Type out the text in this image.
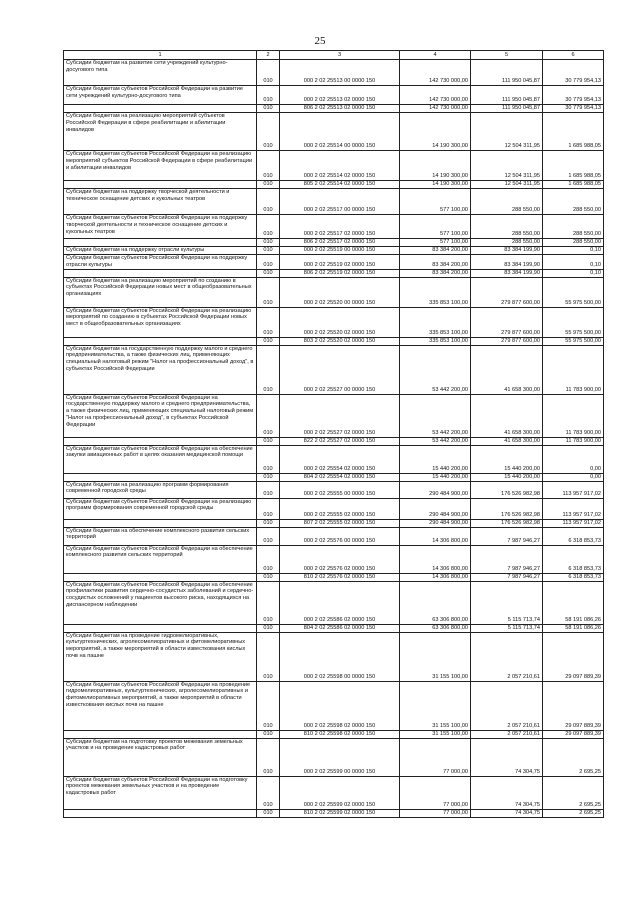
25
1	2	3	4	5	6
Субсидии бюджетам на развитие сети учреждений культурно-досугового типа	010	000 2 02 25513 00 0000 150	142 730 000,00	111 950 045,87	30 779 954,13
Субсидии бюджетам субъектов Российской Федерации на развитие сети учреждений культурно-досугового типа	010	000 2 02 25513 02 0000 150	142 730 000,00	111 950 045,87	30 779 954,13
	010	806 2 02 25513 02 0000 150	142 730 000,00	111 950 045,87	30 779 954,13
Субсидии бюджетам на реализацию мероприятий субъектов Российской Федерации в сфере реабилитации и абилитации инвалидов	010	000 2 02 25514 00 0000 150	14 190 300,00	12 504 311,95	1 685 988,05
Субсидии бюджетам субъектов Российской Федерации на реализацию мероприятий субъектов Российской Федерации в сфере реабилитации и абилитации инвалидов	010	000 2 02 25514 02 0000 150	14 190 300,00	12 504 311,95	1 685 988,05
	010	805 2 02 25514 02 0000 150	14 190 300,00	12 504 311,95	1 685 988,05
Субсидии бюджетам на поддержку творческой деятельности и техническое оснащение детских и кукольных театров	010	000 2 02 25517 00 0000 150	577 100,00	288 550,00	288 550,00
Субсидии бюджетам субъектов Российской Федерации на поддержку творческой деятельности и техническое оснащение детских и кукольных театров	010	000 2 02 25517 02 0000 150	577 100,00	288 550,00	288 550,00
	010	806 2 02 25517 02 0000 150	577 100,00	288 550,00	288 550,00
Субсидии бюджетам на поддержку отрасли культуры	010	000 2 02 25519 00 0000 150	83 384 200,00	83 384 199,90	0,10
Субсидии бюджетам субъектов Российской Федерации на поддержку отрасли культуры	010	000 2 02 25519 02 0000 150	83 384 200,00	83 384 199,90	0,10
	010	806 2 02 25519 02 0000 150	83 384 200,00	83 384 199,90	0,10
Субсидии бюджетам на реализацию мероприятий по созданию в субъектах Российской Федерации новых мест в общеобразовательных организациях	010	000 2 02 25520 00 0000 150	335 853 100,00	279 877 600,00	55 975 500,00
Субсидии бюджетам субъектов Российской Федерации на реализацию мероприятий по созданию в субъектах Российской Федерации новых мест в общеобразовательных организациях	010	000 2 02 25520 02 0000 150	335 853 100,00	279 877 600,00	55 975 500,00
	010	803 2 02 25520 02 0000 150	335 853 100,00	279 877 600,00	55 975 500,00
Субсидии бюджетам на государственную поддержку малого и среднего предпринимательства, а также физических лиц, применяющих специальный налоговый режим "Налог на профессиональный доход", в субъектах Российской Федерации	010	000 2 02 25527 00 0000 150	53 442 200,00	41 658 300,00	11 783 900,00
Субсидии бюджетам субъектов Российской Федерации на государственную поддержку малого и среднего предпринимательства, а также физических лиц, применяющих специальный налоговый режим "Налог на профессиональный доход", в субъектах Российской Федерации	010	000 2 02 25527 02 0000 150	53 442 200,00	41 658 300,00	11 783 900,00
	010	822 2 02 25527 02 0000 150	53 442 200,00	41 658 300,00	11 783 900,00
Субсидии бюджетам субъектов Российской Федерации на обеспечение закупки авиационных работ в целях оказания медицинской помощи	010	000 2 02 25554 02 0000 150	15 440 200,00	15 440 200,00	0,00
	010	804 2 02 25554 02 0000 150	15 440 200,00	15 440 200,00	0,00
Субсидии бюджетам на реализацию программ формирования современной городской среды	010	000 2 02 25555 00 0000 150	290 484 900,00	176 526 982,98	113 957 917,02
Субсидии бюджетам субъектов Российской Федерации на реализацию программ формирования современной городской среды	010	000 2 02 25555 02 0000 150	290 484 900,00	176 526 982,98	113 957 917,02
	010	807 2 02 25555 02 0000 150	290 484 900,00	176 526 982,98	113 957 917,02
Субсидии бюджетам на обеспечение комплексного развития сельских территорий	010	000 2 02 25576 00 0000 150	14 306 800,00	7 987 946,27	6 318 853,73
Субсидии бюджетам субъектов Российской Федерации на обеспечение комплексного развития сельских территорий	010	000 2 02 25576 02 0000 150	14 306 800,00	7 987 946,27	6 318 853,73
	010	810 2 02 25576 02 0000 150	14 306 800,00	7 987 946,27	6 318 853,73
Субсидии бюджетам субъектов Российской Федерации на обеспечение профилактики развития сердечно-сосудистых заболеваний и сердечно-сосудистых осложнений у пациентов высокого риска, находящихся на диспансерном наблюдении	010	000 2 02 25586 02 0000 150	63 306 800,00	5 115 713,74	58 191 086,26
	010	804 2 02 25586 02 0000 150	63 306 800,00	5 115 713,74	58 191 086,26
Субсидии бюджетам на проведение гидромелиоративных, культуртехнических, агролесомелиоративных и фитомелиоративных мероприятий, а также мероприятий в области известкования кислых почв на пашне	010	000 2 02 25598 00 0000 150	31 155 100,00	2 057 210,61	29 097 889,39
Субсидии бюджетам субъектов Российской Федерации на проведение гидромелиоративных, культуртехнических, агролесомелиоративных и фитомелиоративных мероприятий, а также мероприятий в области известкования кислых почв на пашне	010	000 2 02 25598 02 0000 150	31 155 100,00	2 057 210,61	29 097 889,39
	010	810 2 02 25598 02 0000 150	31 155 100,00	2 057 210,61	29 097 889,39
Субсидии бюджетам на подготовку проектов межевания земельных участков и на проведение кадастровых работ	010	000 2 02 25599 00 0000 150	77 000,00	74 304,75	2 695,25
Субсидии бюджетам субъектов Российской Федерации на подготовку проектов межевания земельных участков и на проведение кадастровых работ	010	000 2 02 25599 02 0000 150	77 000,00	74 304,75	2 695,25
	010	810 2 02 25599 02 0000 150	77 000,00	74 304,75	2 695,25
